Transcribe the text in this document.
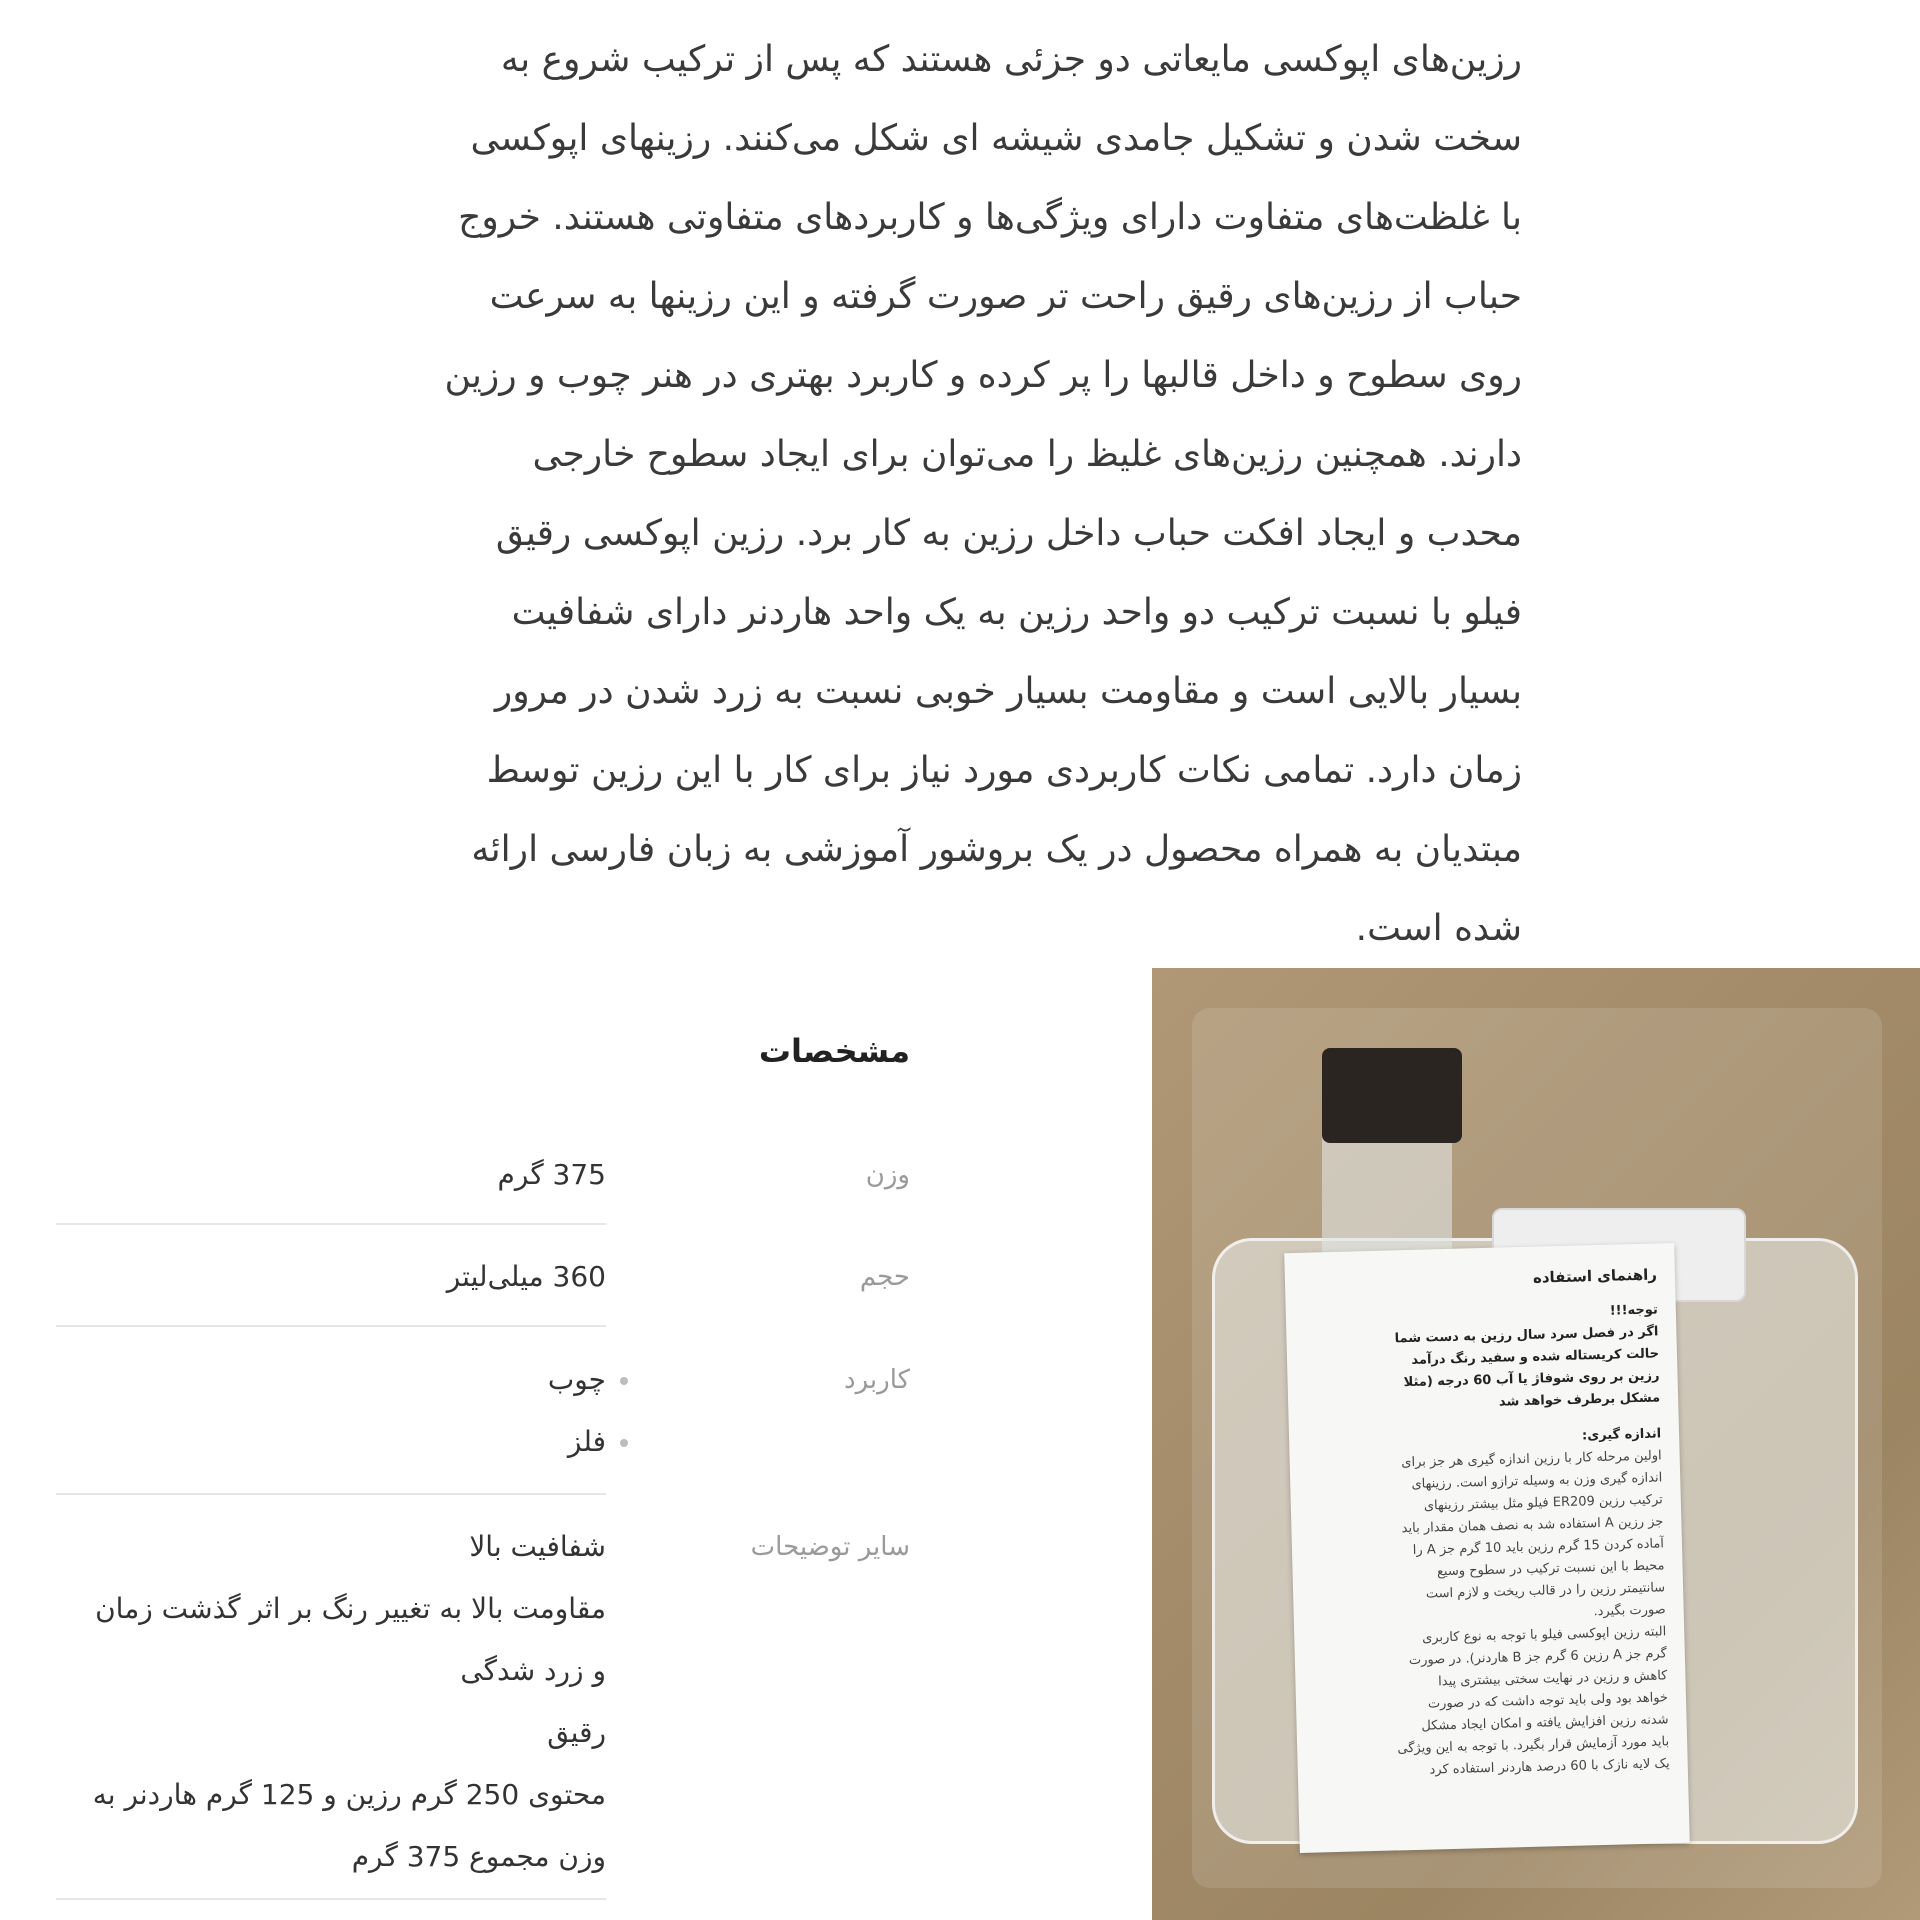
رزین‌های اپوکسی مایعاتی دو جزئی هستند که پس از ترکیب شروع به
سخت شدن و تشکیل جامدی شیشه ای شکل می‌کنند. رزینهای اپوکسی
با غلظت‌های متفاوت دارای ویژگی‌ها و کاربردهای متفاوتی هستند. خروج
حباب از رزین‌های رقیق راحت تر صورت گرفته و این رزینها به سرعت
روی سطوح و داخل قالبها را پر کرده و کاربرد بهتری در هنر چوب و رزین
دارند. همچنین رزین‌های غلیظ را می‌توان برای ایجاد سطوح خارجی
محدب و ایجاد افکت حباب داخل رزین به کار برد. رزین اپوکسی رقیق
فیلو با نسبت ترکیب دو واحد رزین به یک واحد هاردنر دارای شفافیت
بسیار بالایی است و مقاومت بسیار خوبی نسبت به زرد شدن در مرور
زمان دارد. تمامی نکات کاربردی مورد نیاز برای کار با این رزین توسط
مبتدیان به همراه محصول در یک بروشور آموزشی به زبان فارسی ارائه
شده است.
مشخصات
وزن
375 گرم
حجم
360 میلی‌لیتر
کاربرد
چوب
فلز
سایر توضیحات
شفافیت بالا
مقاومت بالا به تغییر رنگ بر اثر گذشت زمان
و زرد شدگی
رقیق
محتوی 250 گرم رزین و 125 گرم هاردنر به
وزن مجموع 375 گرم
راهنمای استفاده
توجه!!!
اگر در فصل سرد سال رزین به دست شما
حالت کریستاله شده و سفید رنگ درآمد
رزین بر روی شوفاژ یا آب 60 درجه (مثلا
مشکل برطرف خواهد شد
اندازه گیری:
اولین مرحله کار با رزین اندازه گیری هر جز برای
اندازه گیری وزن به وسیله ترازو است. رزینهای
ترکیب رزین ER209 فیلو مثل بیشتر رزینهای
جز رزین A استفاده شد به نصف همان مقدار باید
آماده کردن 15 گرم رزین باید 10 گرم جز A را
محیط با این نسبت ترکیب در سطوح وسیع
سانتیمتر رزین را در قالب ریخت و لازم است
صورت بگیرد.
البته رزین اپوکسی فیلو با توجه به نوع کاربری
گرم جز A رزین 6 گرم جز B هاردنر). در صورت
کاهش و رزین در نهایت سختی بیشتری پیدا
خواهد بود ولی باید توجه داشت که در صورت
شدنه رزین افزایش یافته و امکان ایجاد مشکل
باید مورد آزمایش قرار بگیرد. با توجه به این ویژگی
یک لایه نازک با 60 درصد هاردنر استفاده کرد
